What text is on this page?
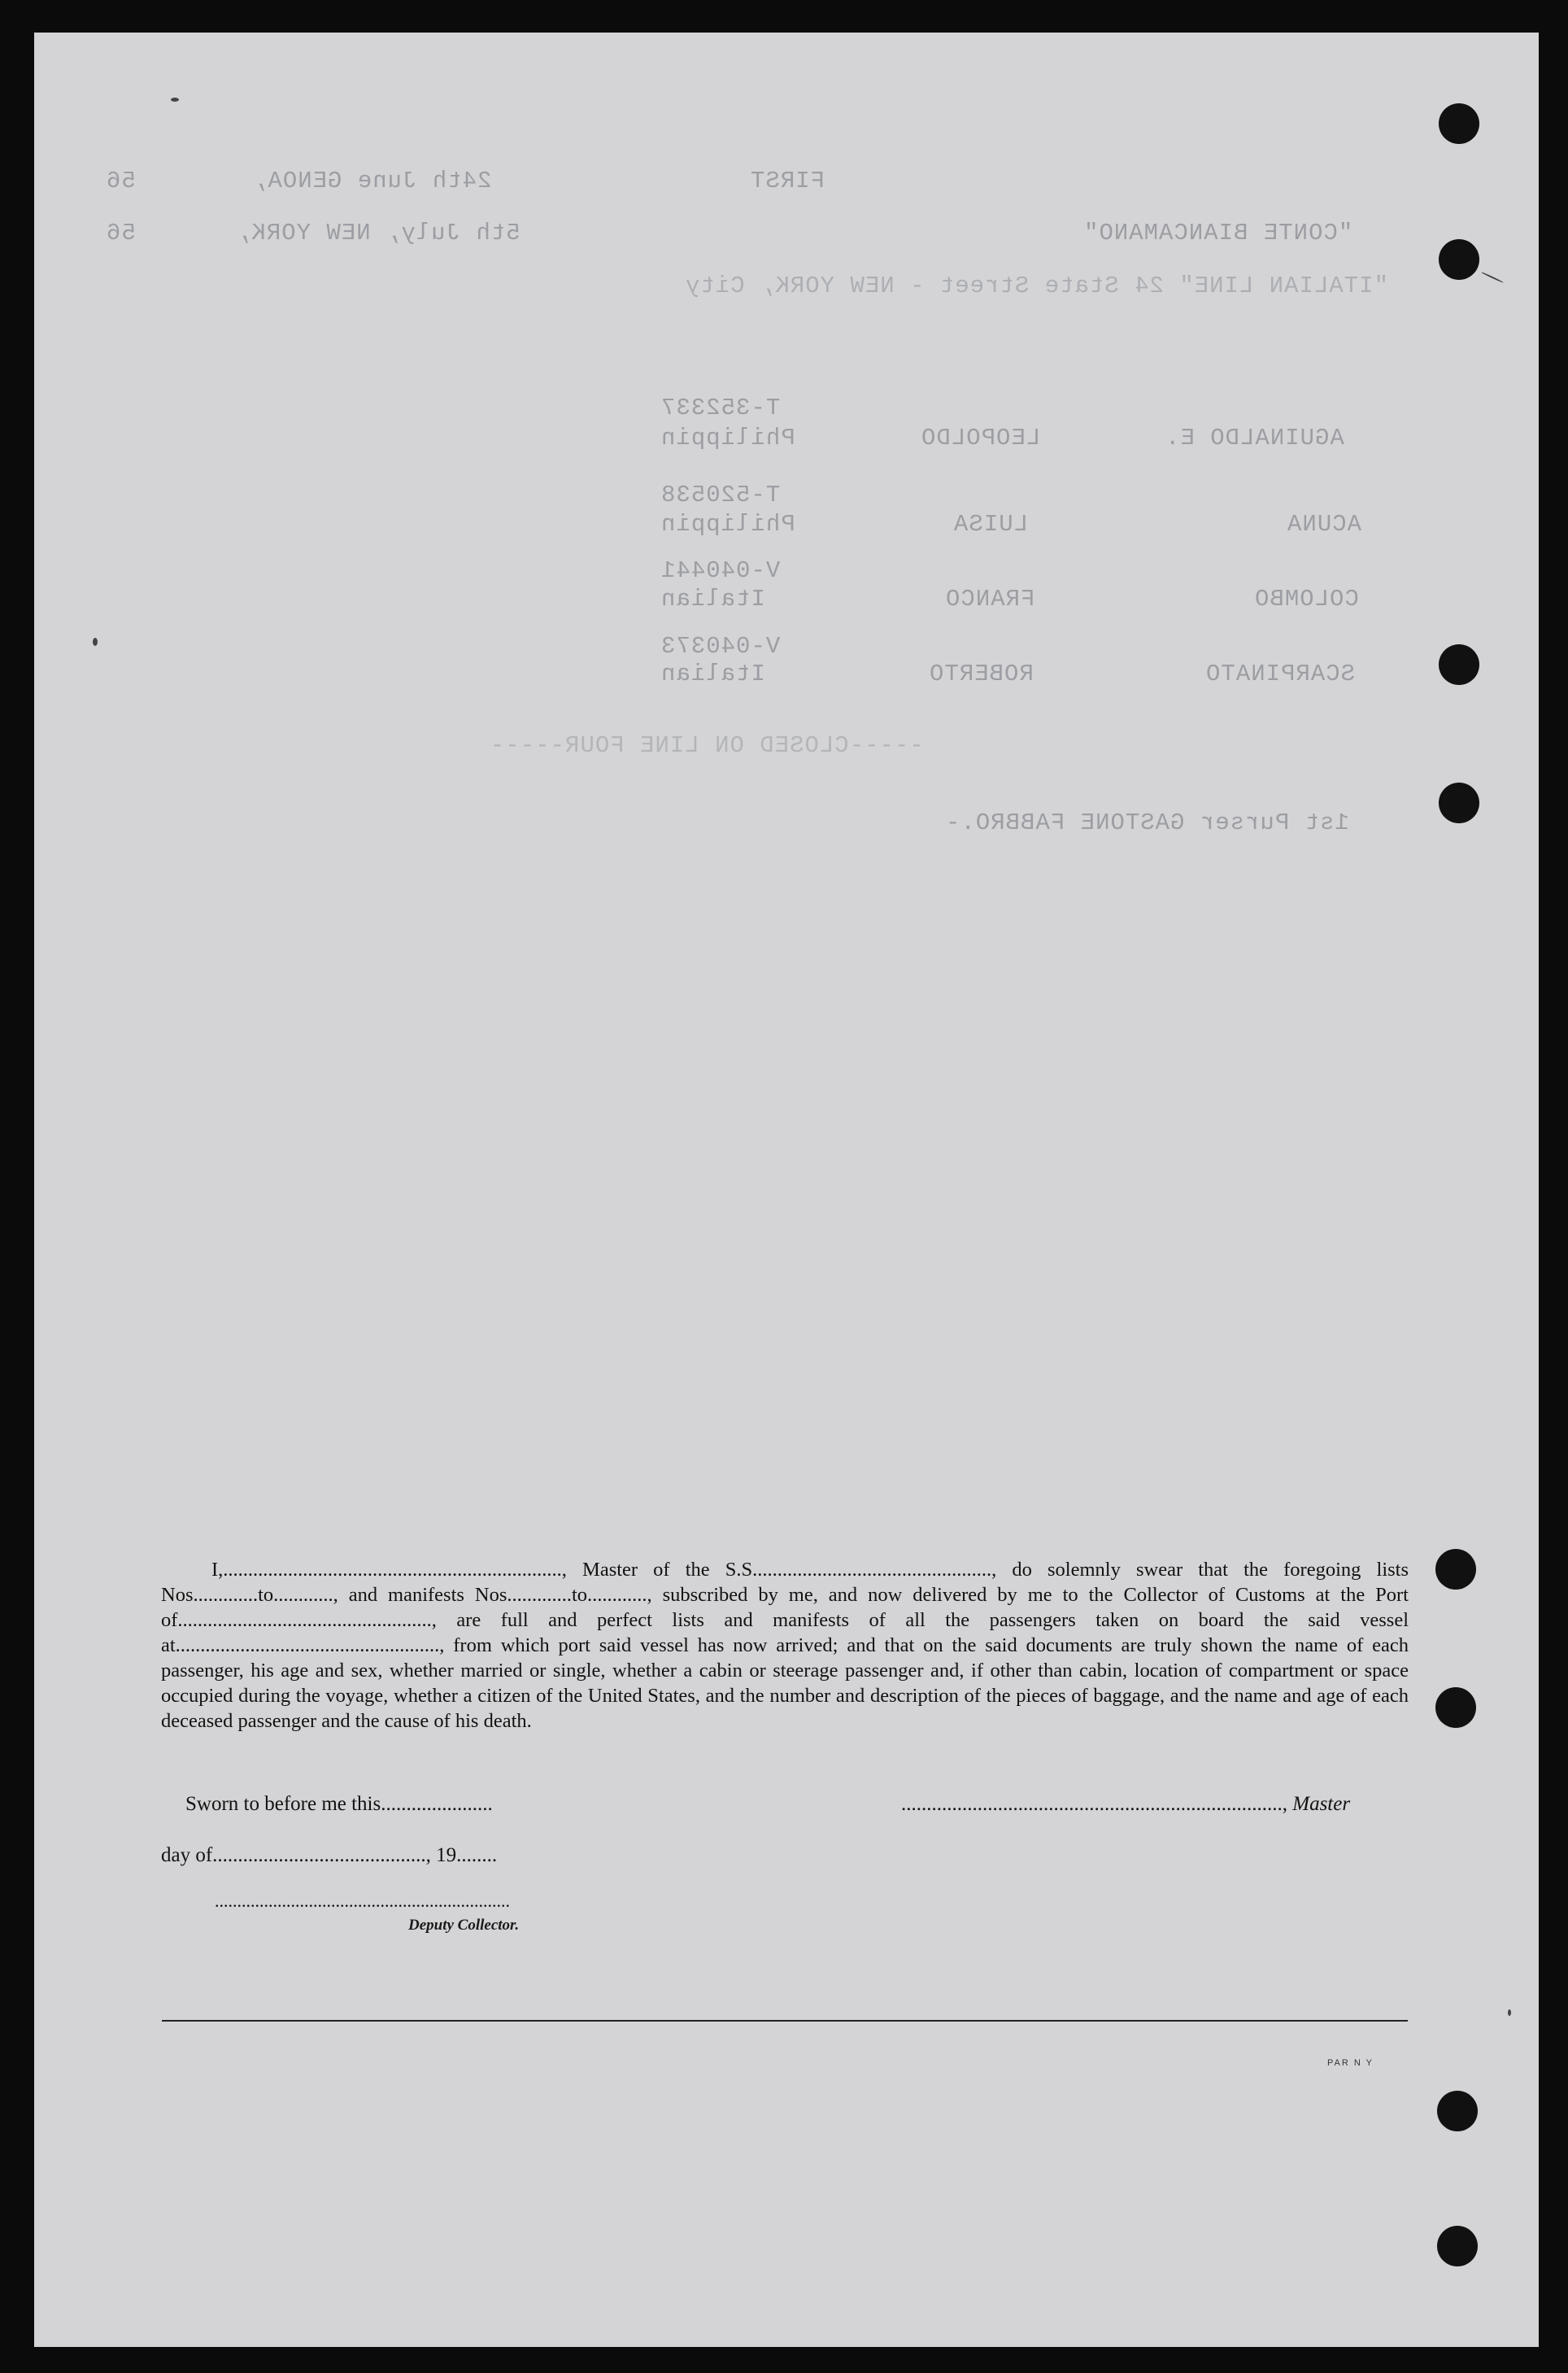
56	24th June GENOA,	FIRST
56	5th July, NEW YORK,	"CONTE BIANCAMANO"
"ITALIAN LINE" 24 State Street - NEW YORK, City
T-352337
Philippin	LEOPOLDO	AGUINALDO E.
T-520538
Philippin	LUISA	ACUNA
V-040441
Italian	FRANCO	COLOMBO
V-040373
Italian	ROBERTO	SCARPINATO
-----CLOSED ON LINE FOUR-----
1st Purser GASTONE FABBRO.-
I,...................................................................., Master of the S.S................................................, do solemnly swear that the foregoing lists Nos.............to............, and manifests Nos.............to............, subscribed by me, and now delivered by me to the Collector of Customs at the Port of..................................................., are full and perfect lists and manifests of all the passengers taken on board the said vessel at....................................................., from which port said vessel has now arrived; and that on the said documents are truly shown the name of each passenger, his age and sex, whether married or single, whether a cabin or steerage passenger and, if other than cabin, location of compartment or space occupied during the voyage, whether a citizen of the United States, and the number and description of the pieces of baggage, and the name and age of each deceased passenger and the cause of his death.
Sworn to before me this......................	..........................................................................., Master
day of.........................................., 19........
..................................................................
Deputy Collector.
PAR N Y
